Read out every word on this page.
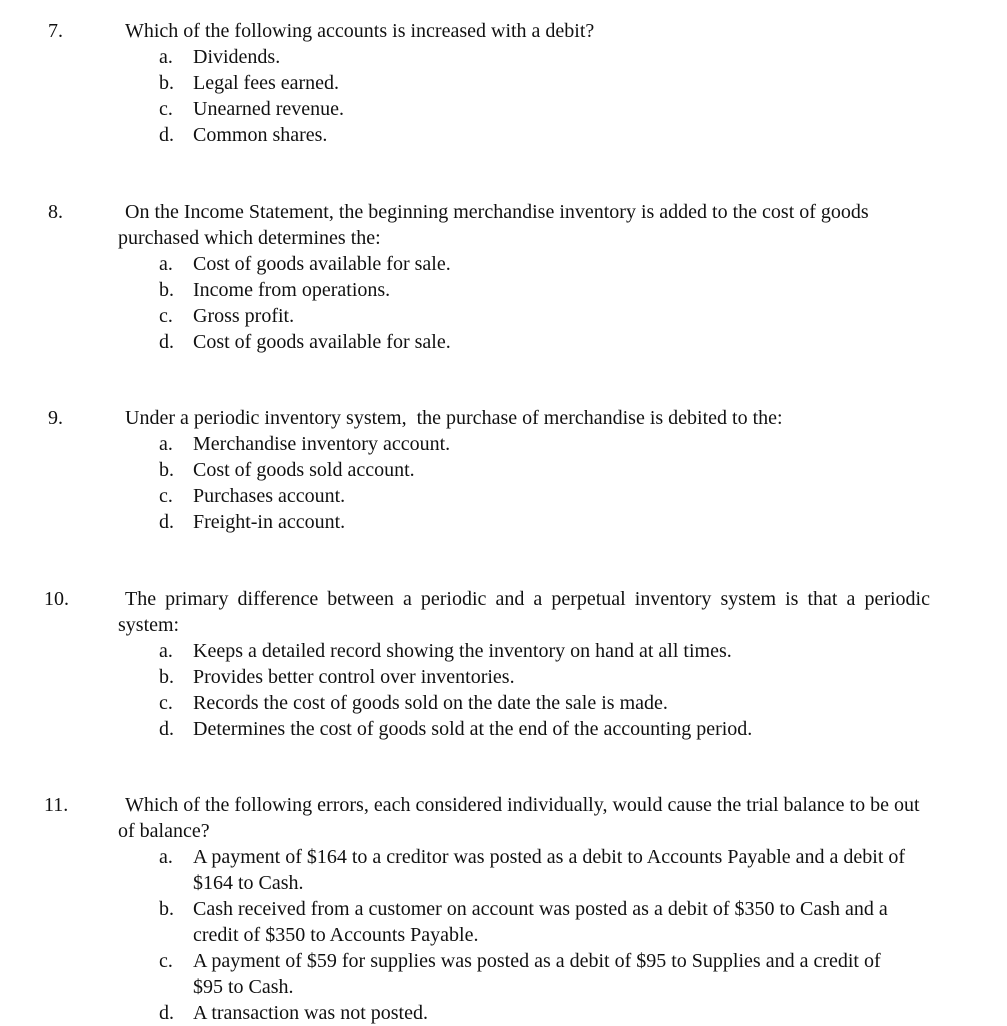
7.	Which of the following accounts is increased with a debit?
a. Dividends.
b. Legal fees earned.
c. Unearned revenue.
d. Common shares.
8.	On the Income Statement, the beginning merchandise inventory is added to the cost of goods purchased which determines the:
a. Cost of goods available for sale.
b. Income from operations.
c. Gross profit.
d. Cost of goods available for sale.
9.	Under a periodic inventory system,  the purchase of merchandise is debited to the:
a. Merchandise inventory account.
b. Cost of goods sold account.
c. Purchases account.
d. Freight-in account.
10.	The primary difference between a periodic and a perpetual inventory system is that a periodic system:
a. Keeps a detailed record showing the inventory on hand at all times.
b. Provides better control over inventories.
c. Records the cost of goods sold on the date the sale is made.
d. Determines the cost of goods sold at the end of the accounting period.
11.	Which of the following errors, each considered individually, would cause the trial balance to be out of balance?
a. A payment of $164 to a creditor was posted as a debit to Accounts Payable and a debit of $164 to Cash.
b. Cash received from a customer on account was posted as a debit of $350 to Cash and a credit of $350 to Accounts Payable.
c. A payment of $59 for supplies was posted as a debit of $95 to Supplies and a credit of $95 to Cash.
d. A transaction was not posted.
